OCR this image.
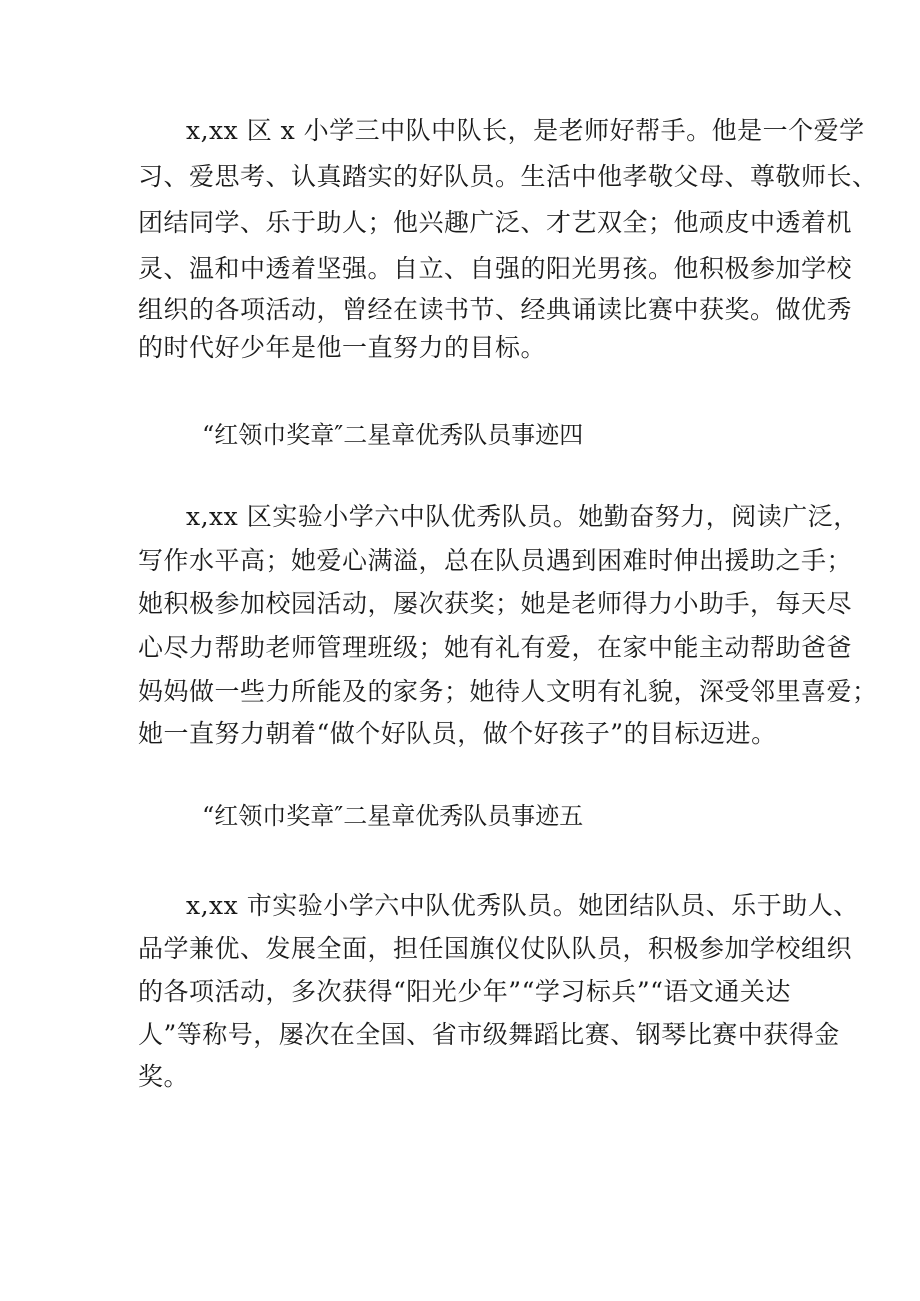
x,xx 区 x 小学三中队中队长，是老师好帮手。他是一个爱学
习、爱思考、认真踏实的好队员。生活中他孝敬父母、尊敬师长、
团结同学、乐于助人；他兴趣广泛、才艺双全；他顽皮中透着机
灵、温和中透着坚强。自立、自强的阳光男孩。他积极参加学校
组织的各项活动，曾经在读书节、经典诵读比赛中获奖。做优秀
的时代好少年是他一直努力的目标。
“红领巾奖章″二星章优秀队员事迹四
x,xx 区实验小学六中队优秀队员。她勤奋努力，阅读广泛，
写作水平高；她爱心满溢，总在队员遇到困难时伸出援助之手；
她积极参加校园活动，屡次获奖；她是老师得力小助手，每天尽
心尽力帮助老师管理班级；她有礼有爱，在家中能主动帮助爸爸
妈妈做一些力所能及的家务；她待人文明有礼貌，深受邻里喜爱；
她一直努力朝着“做个好队员，做个好孩子”的目标迈进。
“红领巾奖章″二星章优秀队员事迹五
x,xx 市实验小学六中队优秀队员。她团结队员、乐于助人、
品学兼优、发展全面，担任国旗仪仗队队员，积极参加学校组织
的各项活动，多次获得“阳光少年”“学习标兵”“语文通关达
人”等称号，屡次在全国、省市级舞蹈比赛、钢琴比赛中获得金
奖。
